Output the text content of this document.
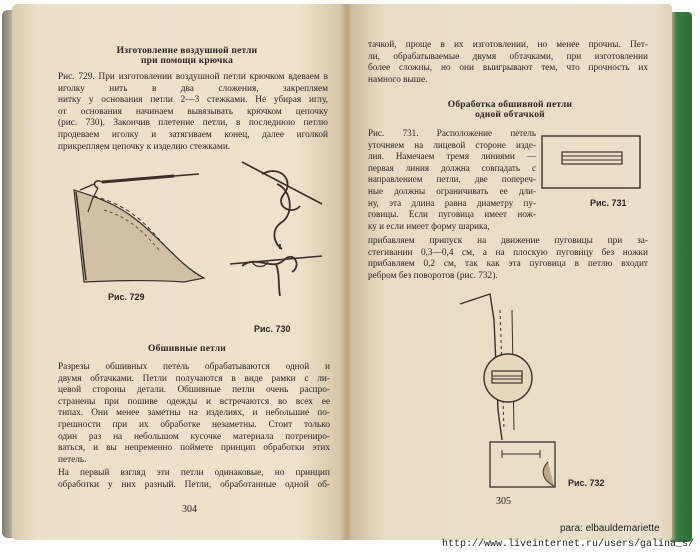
Изготовление воздушной петли
при помощи крючка
Рис. 729. При изготовлении воздушной петли крючком вдеваем в иголку нить в два сложения, закрепляем
нитку у основания петли 2—3 стежками. Не убирая иглу,
от основания начинаем вывязывать крючком цепочку
(рис. 730). Закончив плетение петли, в последнюю петлю продеваем иголку и затягиваем конец, далее иголкой
прикрепляем цепочку к изделию стежками.
Рис. 729
Рис. 730
Обшивные петли
Разрезы обшивных петель обрабатываются одной и
двумя обтачками. Петли получаются в виде рамки с ли-
цевой стороны детали. Обшивные петли очень распро-
странены при пошиве одежды и встречаются во всех ее
типах. Они менее заметны на изделиях, и небольшие по-
грешности при их обработке незаметны. Стоит только
один раз на небольшом кусочке материала потрениро-
ваться, и вы непременно поймете принцип обработки этих
петель.
На первый взгляд эти петли одинаковые, но принцип
обработки у них разный. Петли, обработанные одной об-
304
тачкой, проще в их изготовлении, но менее прочны. Пет-
ли, обрабатываемые двумя обтачками, при изготовлении
более сложны, но они выигрывают тем, что прочность их
намного выше.
Обработка обшивной петли
одной обтачкой
Рис. 731. Расположение петель
уточняем на лицевой стороне изде-
лия. Намечаем тремя линиями —
первая линия должна совпадать с
направлением петли, две попереч-
ные должны ограничивать ее дли-
ну, эта длина равна диаметру пу-
говицы. Если пуговица имеет нож-
ку и если имеет форму шарика,
Рис. 731
прибавляем припуск на движение пуговицы при за-
стегивании 0,3—0,4 см, а на плоскую пуговицу без ножки
прибавляем 0,2 см, так как эта пуговица в петлю входит
ребром без поворотов (рис. 732).
Рис. 732
305
para: elbauldemariette
http://www.liveinternet.ru/users/galina_s/
